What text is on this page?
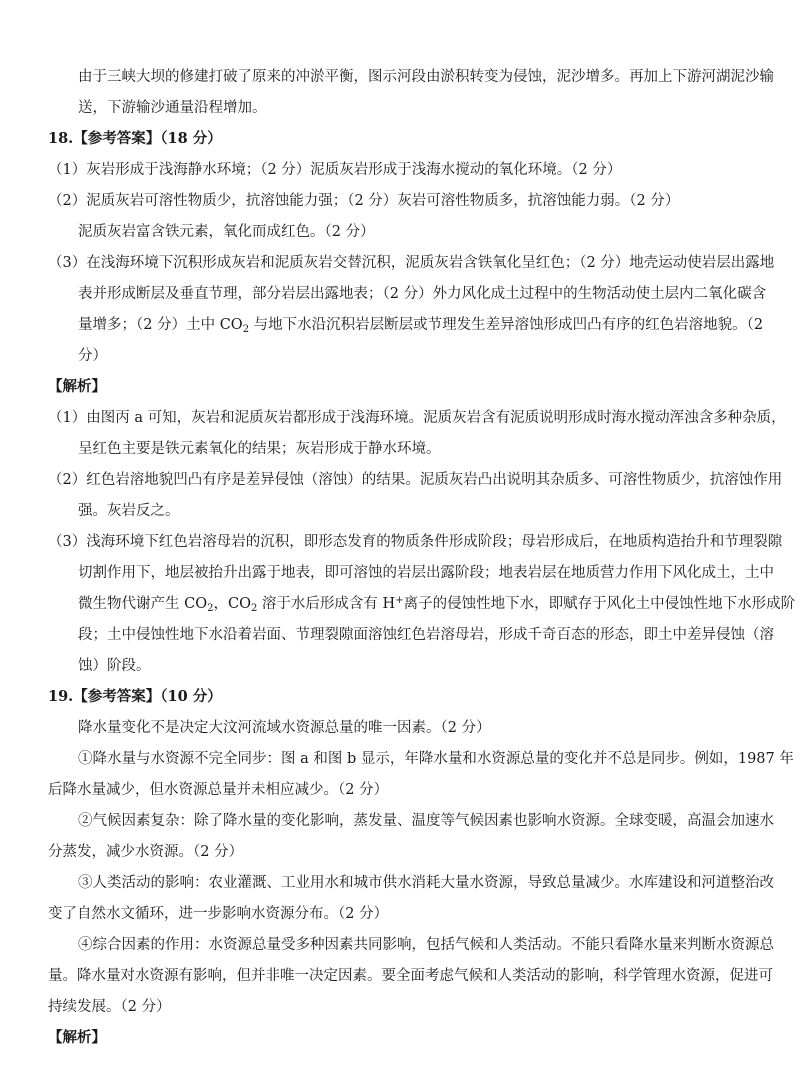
由于三峡大坝的修建打破了原来的冲淤平衡，图示河段由淤积转变为侵蚀，泥沙增多。再加上下游河湖泥沙输
送，下游输沙通量沿程增加。
18.【参考答案】（18 分）
（1）灰岩形成于浅海静水环境；（2 分）泥质灰岩形成于浅海水搅动的氧化环境。（2 分）
（2）泥质灰岩可溶性物质少，抗溶蚀能力强；（2 分）灰岩可溶性物质多，抗溶蚀能力弱。（2 分）
泥质灰岩富含铁元素，氧化而成红色。（2 分）
（3）在浅海环境下沉积形成灰岩和泥质灰岩交替沉积，泥质灰岩含铁氧化呈红色；（2 分）地壳运动使岩层出露地
表并形成断层及垂直节理，部分岩层出露地表；（2 分）外力风化成土过程中的生物活动使土层内二氧化碳含
量增多；（2 分）土中 $CO_2$ 与地下水沿沉积岩层断层或节理发生差异溶蚀形成凹凸有序的红色岩溶地貌。（2
分）
【解析】
（1）由图丙 a 可知，灰岩和泥质灰岩都形成于浅海环境。泥质灰岩含有泥质说明形成时海水搅动浑浊含多种杂质，
呈红色主要是铁元素氧化的结果；灰岩形成于静水环境。
（2）红色岩溶地貌凹凸有序是差异侵蚀（溶蚀）的结果。泥质灰岩凸出说明其杂质多、可溶性物质少，抗溶蚀作用
强。灰岩反之。
（3）浅海环境下红色岩溶母岩的沉积，即形态发育的物质条件形成阶段；母岩形成后，在地质构造抬升和节理裂隙
切割作用下，地层被抬升出露于地表，即可溶蚀的岩层出露阶段；地表岩层在地质营力作用下风化成土，土中
微生物代谢产生 $CO_2$，$CO_2$ 溶于水后形成含有 H+离子的侵蚀性地下水，即赋存于风化土中侵蚀性地下水形成阶
段；土中侵蚀性地下水沿着岩面、节理裂隙面溶蚀红色岩溶母岩，形成千奇百态的形态，即土中差异侵蚀（溶
蚀）阶段。
19.【参考答案】（10 分）
降水量变化不是决定大汶河流域水资源总量的唯一因素。（2 分）
①降水量与水资源不完全同步：图 a 和图 b 显示，年降水量和水资源总量的变化并不总是同步。例如，1987 年
后降水量减少，但水资源总量并未相应减少。（2 分）
②气候因素复杂：除了降水量的变化影响，蒸发量、温度等气候因素也影响水资源。全球变暖，高温会加速水
分蒸发，减少水资源。（2 分）
③人类活动的影响：农业灌溉、工业用水和城市供水消耗大量水资源，导致总量减少。水库建设和河道整治改
变了自然水文循环，进一步影响水资源分布。（2 分）
④综合因素的作用：水资源总量受多种因素共同影响，包括气候和人类活动。不能只看降水量来判断水资源总
量。降水量对水资源有影响，但并非唯一决定因素。要全面考虑气候和人类活动的影响，科学管理水资源，促进可
持续发展。（2 分）
【解析】
